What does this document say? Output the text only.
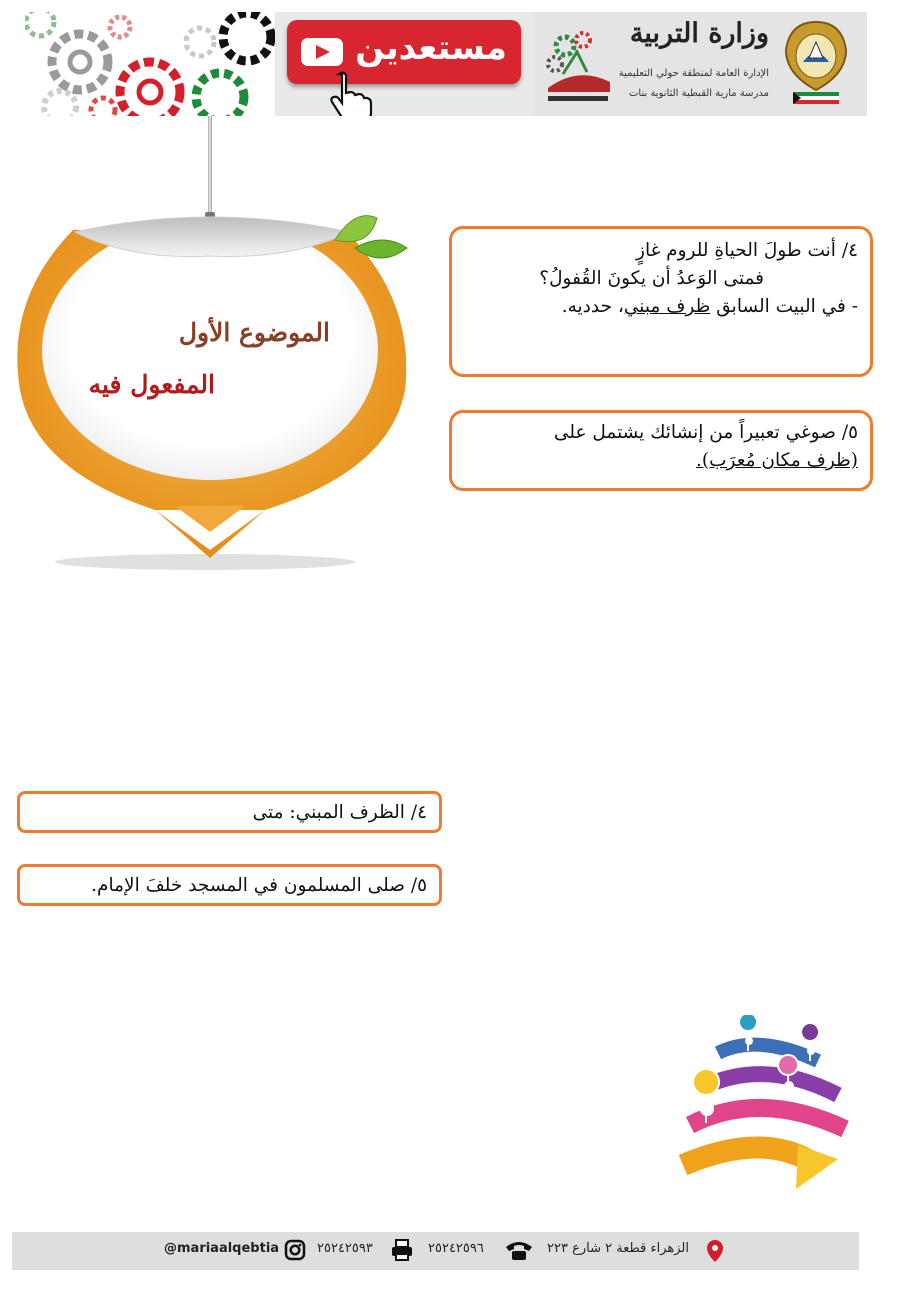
مستعدين	وزارة التربية
الإدارة العامة لمنطقة حولي التعليمية
مدرسة مارية القبطية الثانوية بنات
الموضوع الأول
المفعول فيه

٤/ أنت طولَ الحياةِ للروم غازٍ

فمتى الوَعدُ أن يكونَ القُفولُ؟

- في البيت السابق ظرف مبني، حدديه.

٥/ صوغي تعبيراً من إنشائك يشتمل على

(ظرف مكان مُعرَب).

٤/ الظرف المبني: متى

٥/ صلى المسلمون في المسجد خلفَ الإمام.

الزهراء قطعة ٢ شارع ٢٢٣
٢٥٢٤٢٥٩٦
٢٥٢٤٢٥٩٣
@mariaalqebtia
